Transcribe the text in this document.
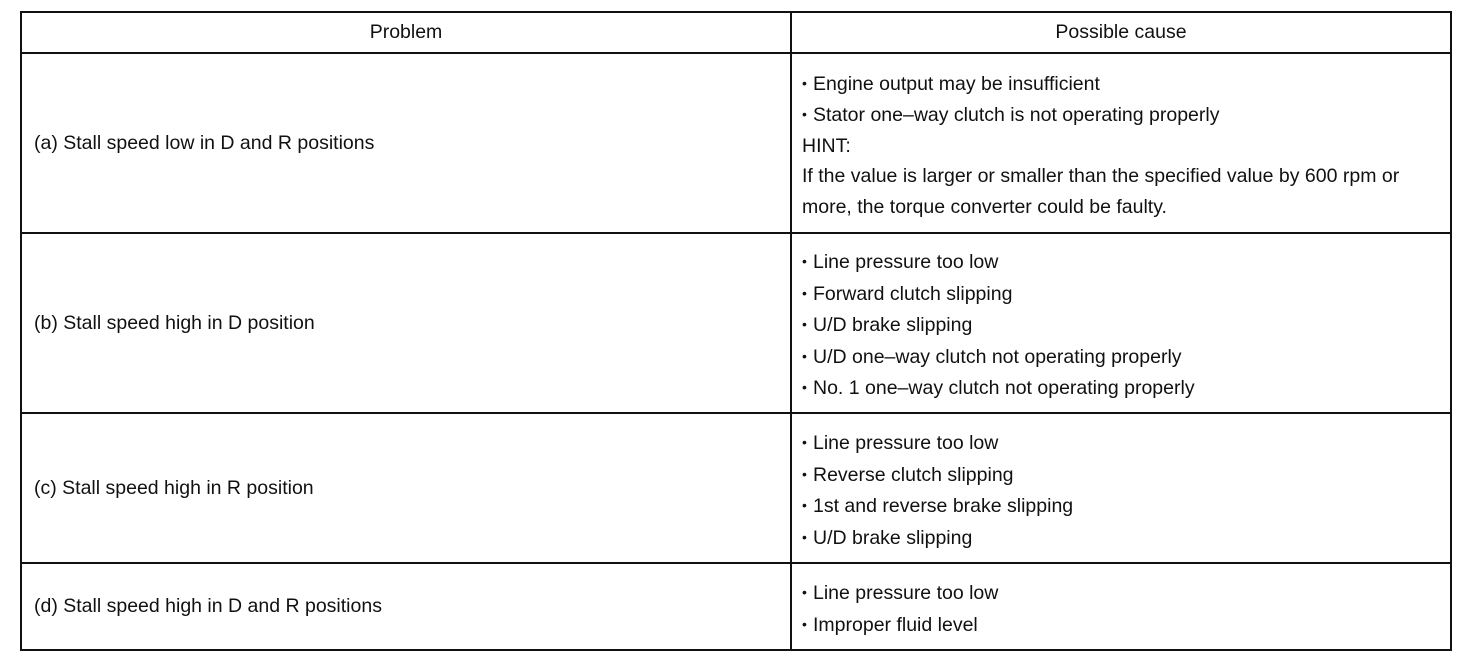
Problem	Possible cause
(a) Stall speed low in D and R positions	• Engine output may be insufficient
• Stator one–way clutch is not operating properly
HINT:
If the value is larger or smaller than the specified value by 600 rpm or more, the torque converter could be faulty.

(b) Stall speed high in D position	• Line pressure too low
• Forward clutch slipping
• U/D brake slipping
• U/D one–way clutch not operating properly
• No. 1 one–way clutch not operating properly

(c) Stall speed high in R position	• Line pressure too low
• Reverse clutch slipping
• 1st and reverse brake slipping
• U/D brake slipping

(d) Stall speed high in D and R positions	• Line pressure too low
• Improper fluid level
